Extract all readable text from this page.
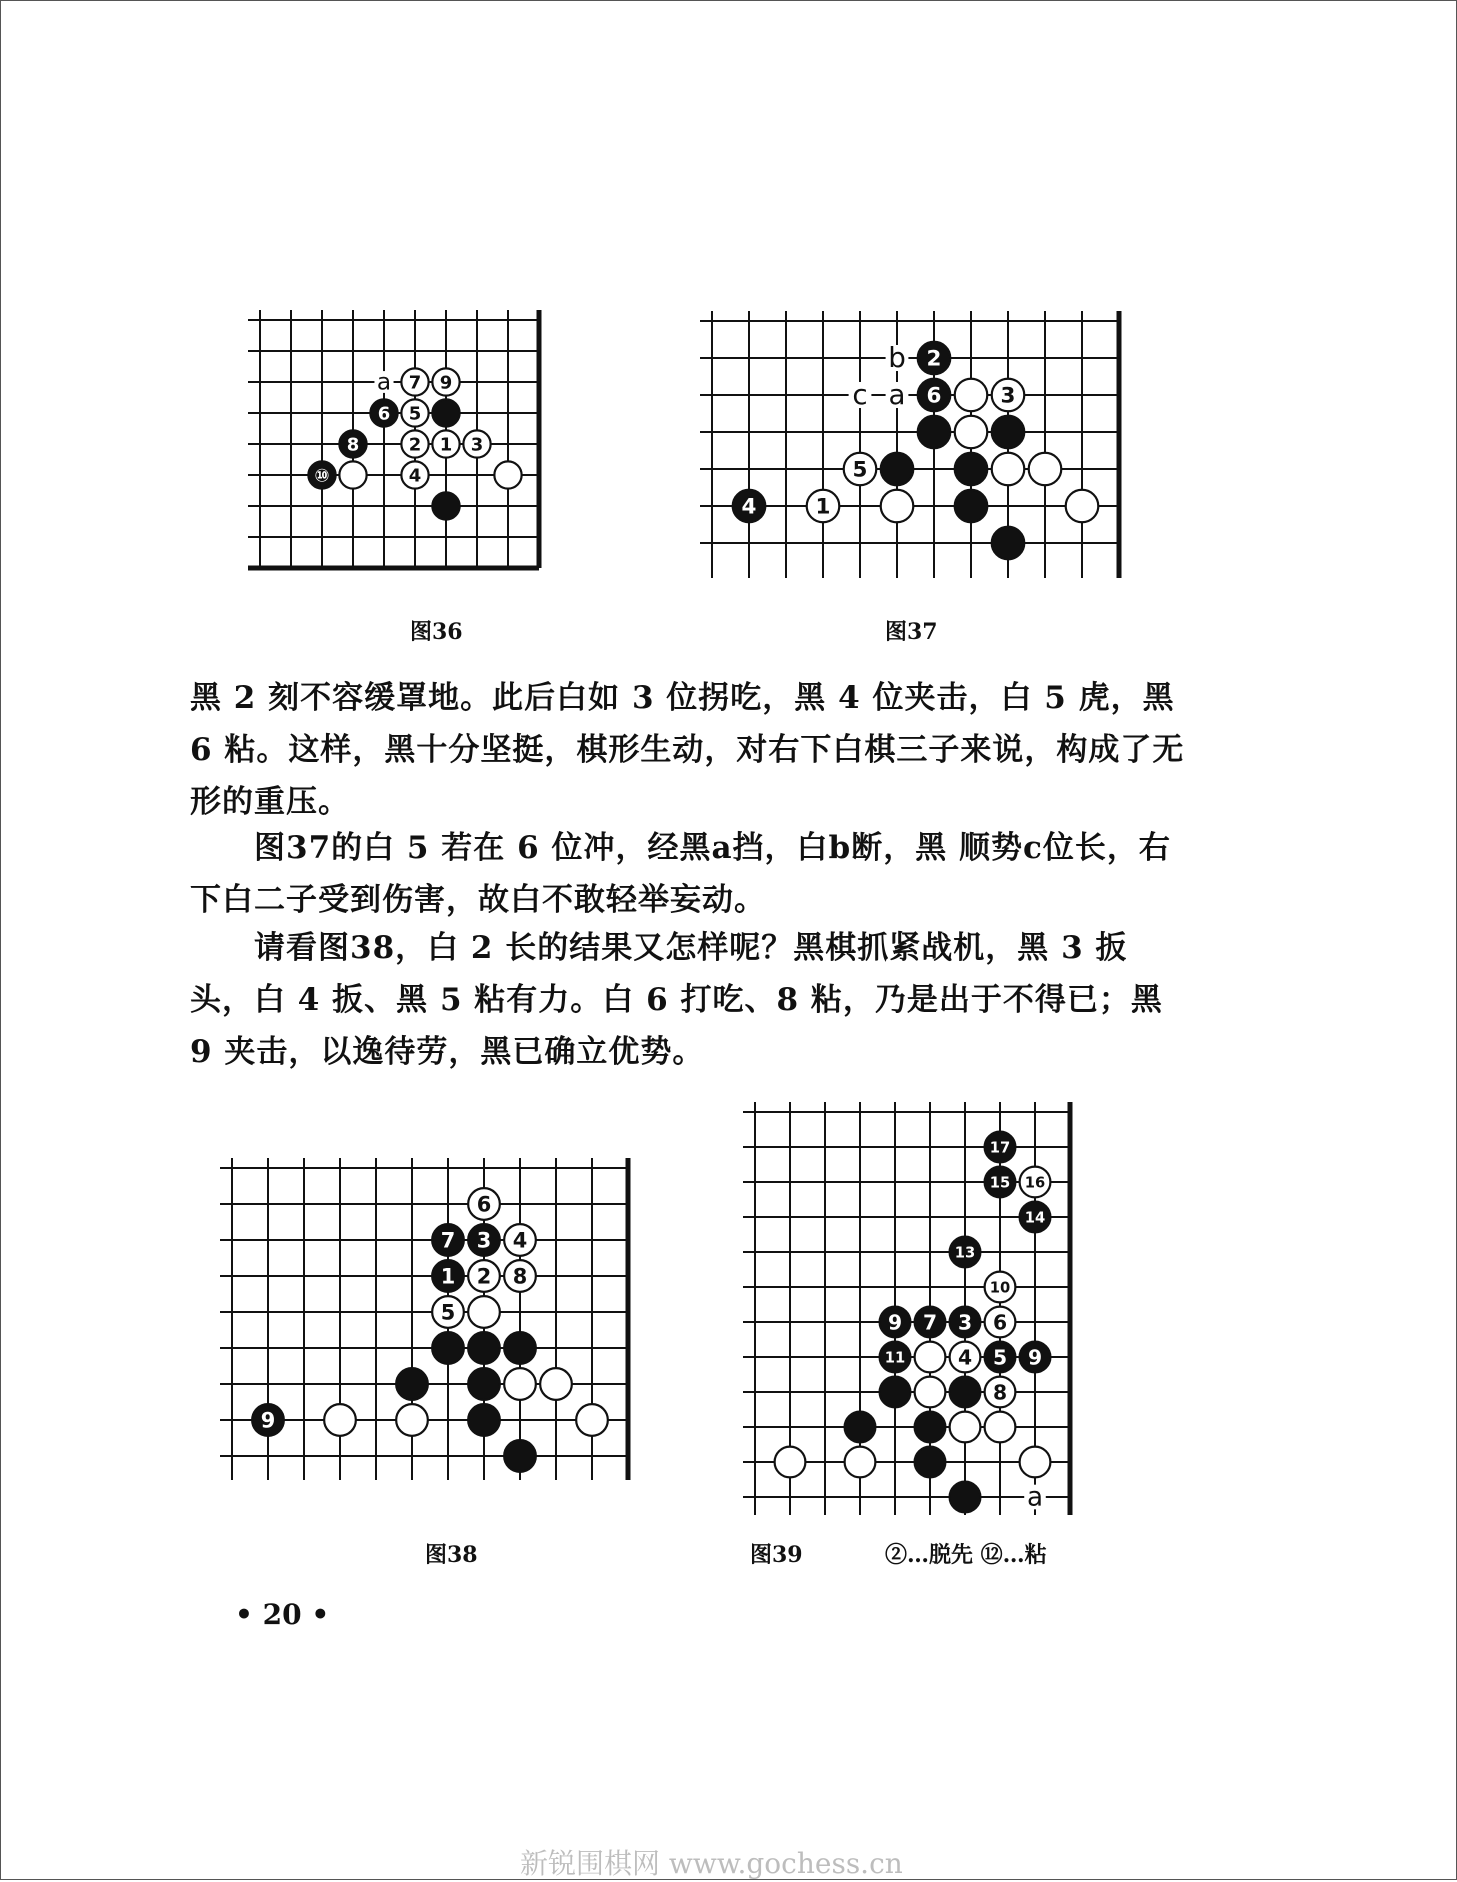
a
⑩
8
6 5
7 9
2 1 3
4
图36
b
c a
4	1
5
2
6	3
图37
黑 2 刻不容缓罩地。此后白如 3 位拐吃，黑 4 位夹击，白 5 虎，黑 6 粘。这样，黑十分坚挺，棋形生动，对右下白棋三子来说，构成了无形的重压。
　　图37的白 5 若在 6 位冲，经黑a挡，白b断，黑 顺势c位长，右下白二子受到伤害，故白不敢轻举妄动。
　　请看图38，白 2 长的结果又怎样呢？黑棋抓紧战机，黑 3 扳头，白 4 扳、黑 5 粘有力。白 6 打吃、8 粘，乃是出于不得已；黑 9 夹击，以逸待劳，黑已确立优势。
9
6
7 3 4
1 2 8
5
图38
a
17
15 16
14
13
10
9 7 3 6
11	4 5 9
8
图39	②…脱先 ⑫…粘
• 20 •
新锐围棋网 www.gochess.cn
